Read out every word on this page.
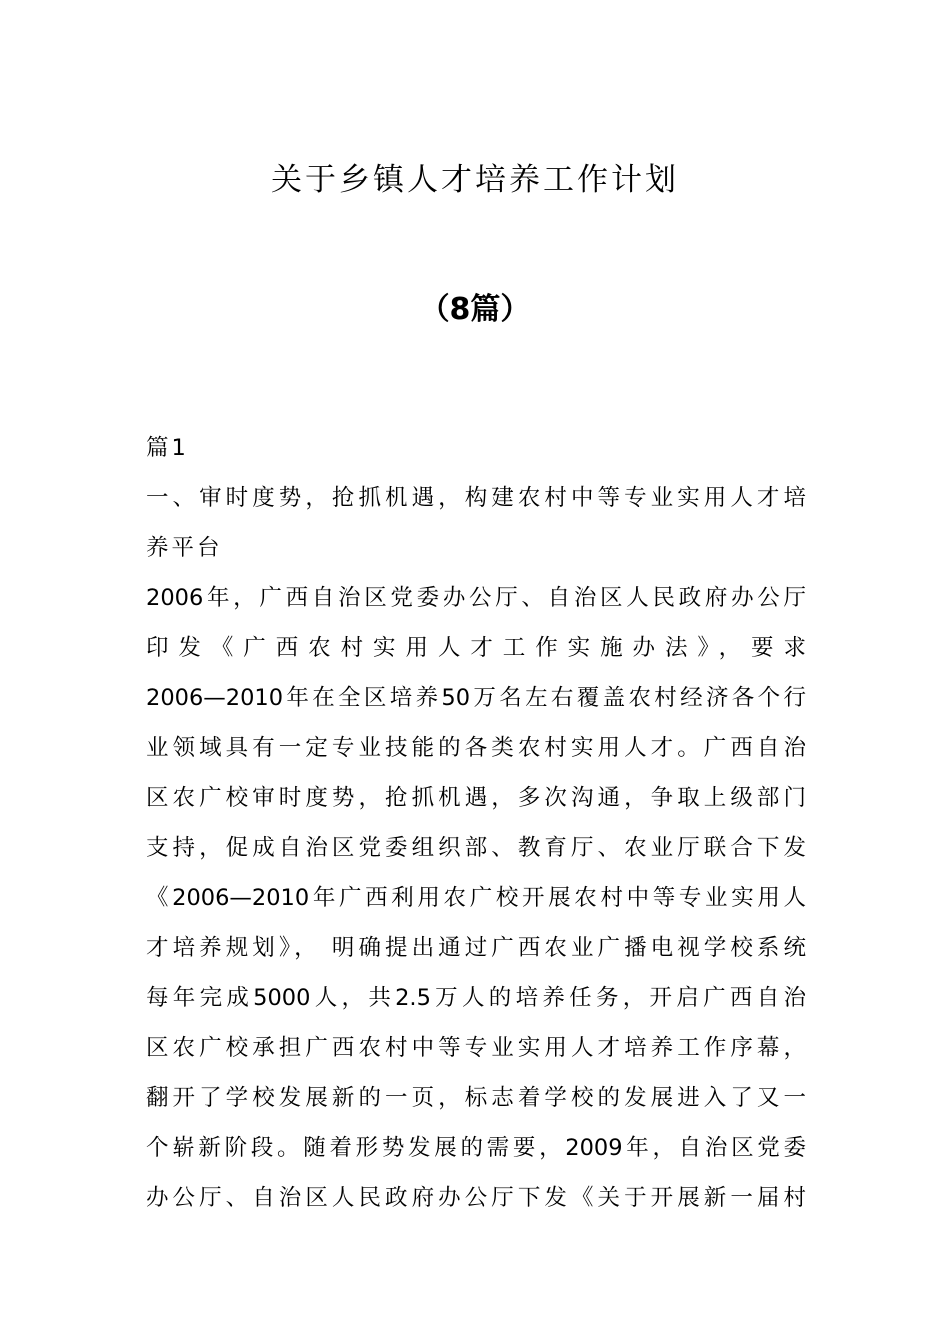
关于乡镇人才培养工作计划
（8篇）
篇1
一、审时度势，抢抓机遇，构建农村中等专业实用人才培
养平台
2006年，广西自治区党委办公厅、自治区人民政府办公厅
印发《广西农村实用人才工作实施办法》，要求
2006—2010年在全区培养50万名左右覆盖农村经济各个行
业领域具有一定专业技能的各类农村实用人才。广西自治
区农广校审时度势，抢抓机遇，多次沟通，争取上级部门
支持，促成自治区党委组织部、教育厅、农业厅联合下发
《2006—2010年广西利用农广校开展农村中等专业实用人
才培养规划》， 明确提出通过广西农业广播电视学校系统
每年完成5000人，共2.5万人的培养任务，开启广西自治
区农广校承担广西农村中等专业实用人才培养工作序幕，
翻开了学校发展新的一页，标志着学校的发展进入了又一
个崭新阶段。随着形势发展的需要，2009年，自治区党委
办公厅、自治区人民政府办公厅下发《关于开展新一届村
